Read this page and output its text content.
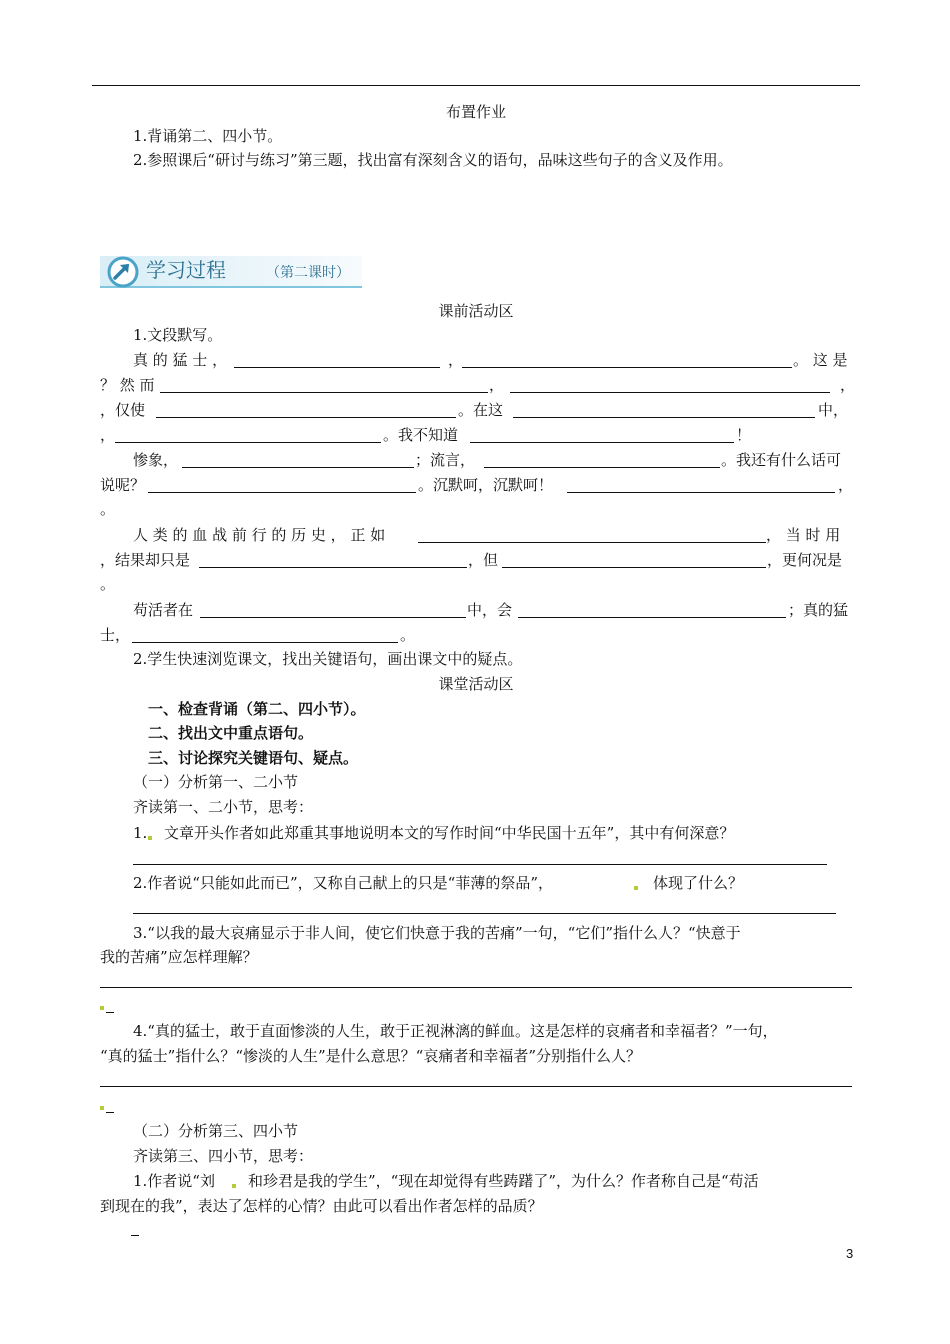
布置作业
1.背诵第二、四小节。
2.参照课后“研讨与练习”第三题，找出富有深刻含义的语句，品味这些句子的含义及作用。
学习过程	（第二课时）
课前活动区
1.文段默写。
真 的 猛 士 ，	，	。 这 是
？ 然 而	，	，
，仅使	。在这	中，
，	。我不知道	！
惨象，	；流言，	。我还有什么话可
说呢？	。沉默呵，沉默呵！	，
。
人 类 的 血 战 前 行 的 历 史 ， 正 如	， 当 时 用
，结果却只是	，但	，更何况是
。
苟活者在	中，会	；真的猛
士，	。
2.学生快速浏览课文，找出关键语句，画出课文中的疑点。
课堂活动区
一、检查背诵（第二、四小节）。
二、找出文中重点语句。
三、讨论探究关键语句、疑点。
（一）分析第一、二小节
齐读第一、二小节，思考：
1. 文章开头作者如此郑重其事地说明本文的写作时间“中华民国十五年”，其中有何深意？
2.作者说“只能如此而已”，又称自己献上的只是“菲薄的祭品”，	体现了什么？
3.“以我的最大哀痛显示于非人间，使它们快意于我的苦痛”一句，“它们”指什么人？“快意于
我的苦痛”应怎样理解？
4.“真的猛士，敢于直面惨淡的人生，敢于正视淋漓的鲜血。这是怎样的哀痛者和幸福者？”一句，
“真的猛士”指什么？“惨淡的人生”是什么意思？“哀痛者和幸福者”分别指什么人？
（二）分析第三、四小节
齐读第三、四小节，思考：
1.作者说“刘 和珍君是我的学生”，“现在却觉得有些踌躇了”，为什么？作者称自己是“苟活
到现在的我”，表达了怎样的心情？由此可以看出作者怎样的品质？
3
